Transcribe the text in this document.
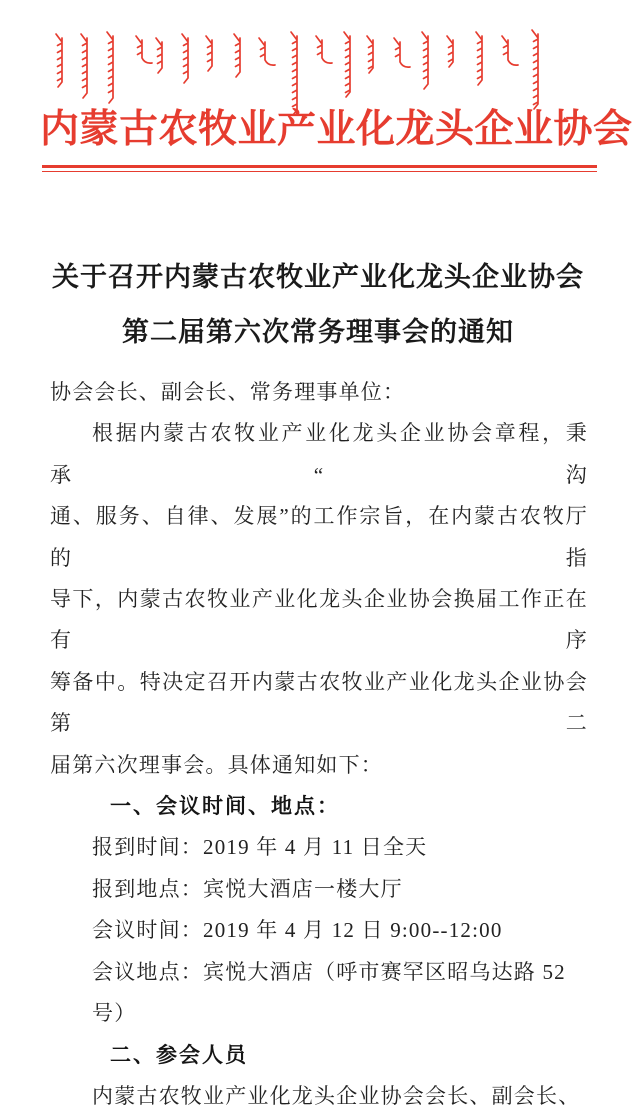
内蒙古农牧业产业化龙头企业协会
关于召开内蒙古农牧业产业化龙头企业协会
第二届第六次常务理事会的通知
协会会长、副会长、常务理事单位：
根据内蒙古农牧业产业化龙头企业协会章程，秉承“沟
通、服务、自律、发展”的工作宗旨，在内蒙古农牧厅的指
导下，内蒙古农牧业产业化龙头企业协会换届工作正在有序
筹备中。特决定召开内蒙古农牧业产业化龙头企业协会第二
届第六次理事会。具体通知如下：
一、会议时间、地点：
报到时间：2019 年 4 月 11 日全天
报到地点：宾悦大酒店一楼大厅
会议时间：2019 年 4 月 12 日 9:00--12:00
会议地点：宾悦大酒店（呼市赛罕区昭乌达路 52 号）
二、参会人员
内蒙古农牧业产业化龙头企业协会会长、副会长、
